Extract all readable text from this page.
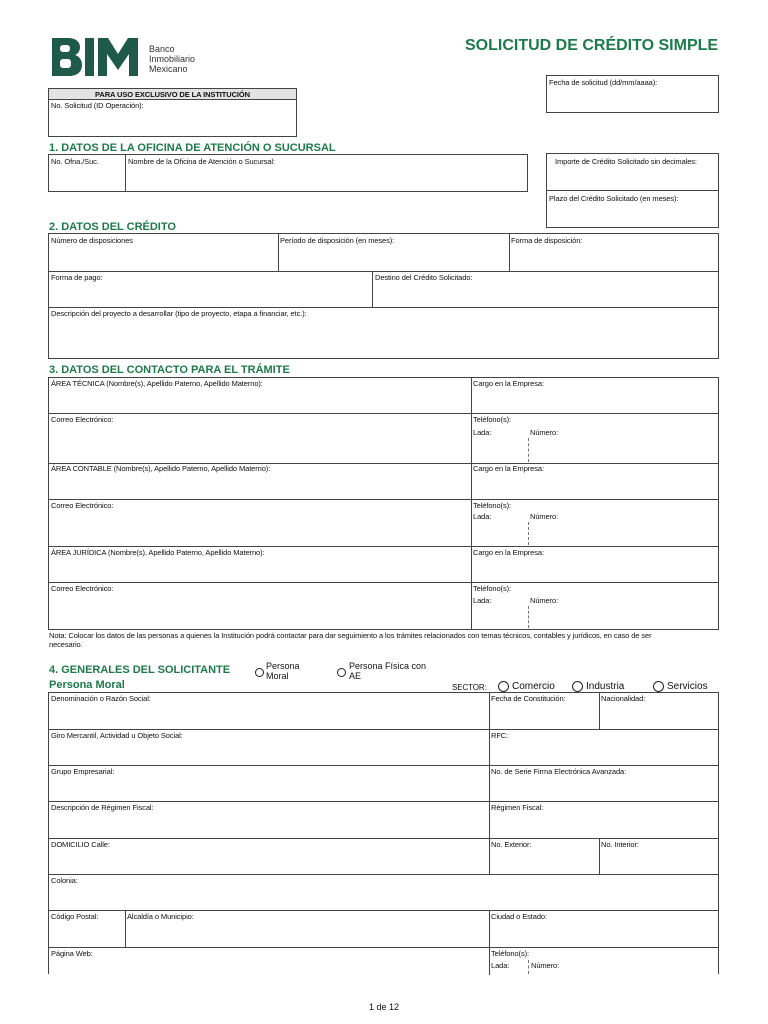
Banco
Inmobiliario
Mexicano
SOLICITUD DE CRÉDITO SIMPLE
Fecha de solicitud (dd/mm/aaaa):
PARA USO EXCLUSIVO DE LA INSTITUCIÓN
No. Solicitud (ID Operación):
1. DATOS DE LA OFICINA DE ATENCIÓN O SUCURSAL
No. Ofna./Suc.	Nombre de la Oficina de Atención o Sucursal:	Importe de Crédito Solicitado sin decimales:
Plazo del Crédito Solicitado (en meses):
2. DATOS DEL CRÉDITO
Número de disposiciones	Período de disposición (en meses):	Forma de disposición:
Forma de pago:	Destino del Crédito Solicitado:
Descripción del proyecto a desarrollar (tipo de proyecto, etapa a financiar, etc.):
3. DATOS DEL CONTACTO PARA EL TRÁMITE
ÁREA TÉCNICA (Nombre(s), Apellido Paterno, Apellido Materno):	Cargo en la Empresa:
Correo Electrónico:	Teléfono(s):
Lada:	Número:
ÁREA CONTABLE (Nombre(s), Apellido Paterno, Apellido Materno):	Cargo en la Empresa:
Correo Electrónico:	Teléfono(s):
Lada:	Número:
ÁREA JURÍDICA (Nombre(s), Apellido Paterno, Apellido Materno):	Cargo en la Empresa:
Correo Electrónico:	Teléfono(s):
Lada:	Número:
Nota: Colocar los datos de las personas a quienes la Institución podrá contactar para dar seguimiento a los trámites relacionados con temas técnicos, contables y jurídicos, en caso de ser
necesario.
4. GENERALES DEL SOLICITANTE
Persona Moral
Persona Moral
Persona Física con AE
SECTOR:	Comercio	Industria	Servicios
Denominación o Razón Social:	Fecha de Constitución:	Nacionalidad:
Giro Mercantil, Actividad u Objeto Social:	RFC:
Grupo Empresarial:	No. de Serie Firma Electrónica Avanzada:
Descripción de Régimen Fiscal:	Régimen Fiscal:
DOMICILIO Calle:	No. Exterior:	No. Interior:
Colonia:
Código Postal:	Alcaldía o Municipio:	Ciudad o Estado:
Página Web:	Teléfono(s):
Lada:	Número:
1 de 12
